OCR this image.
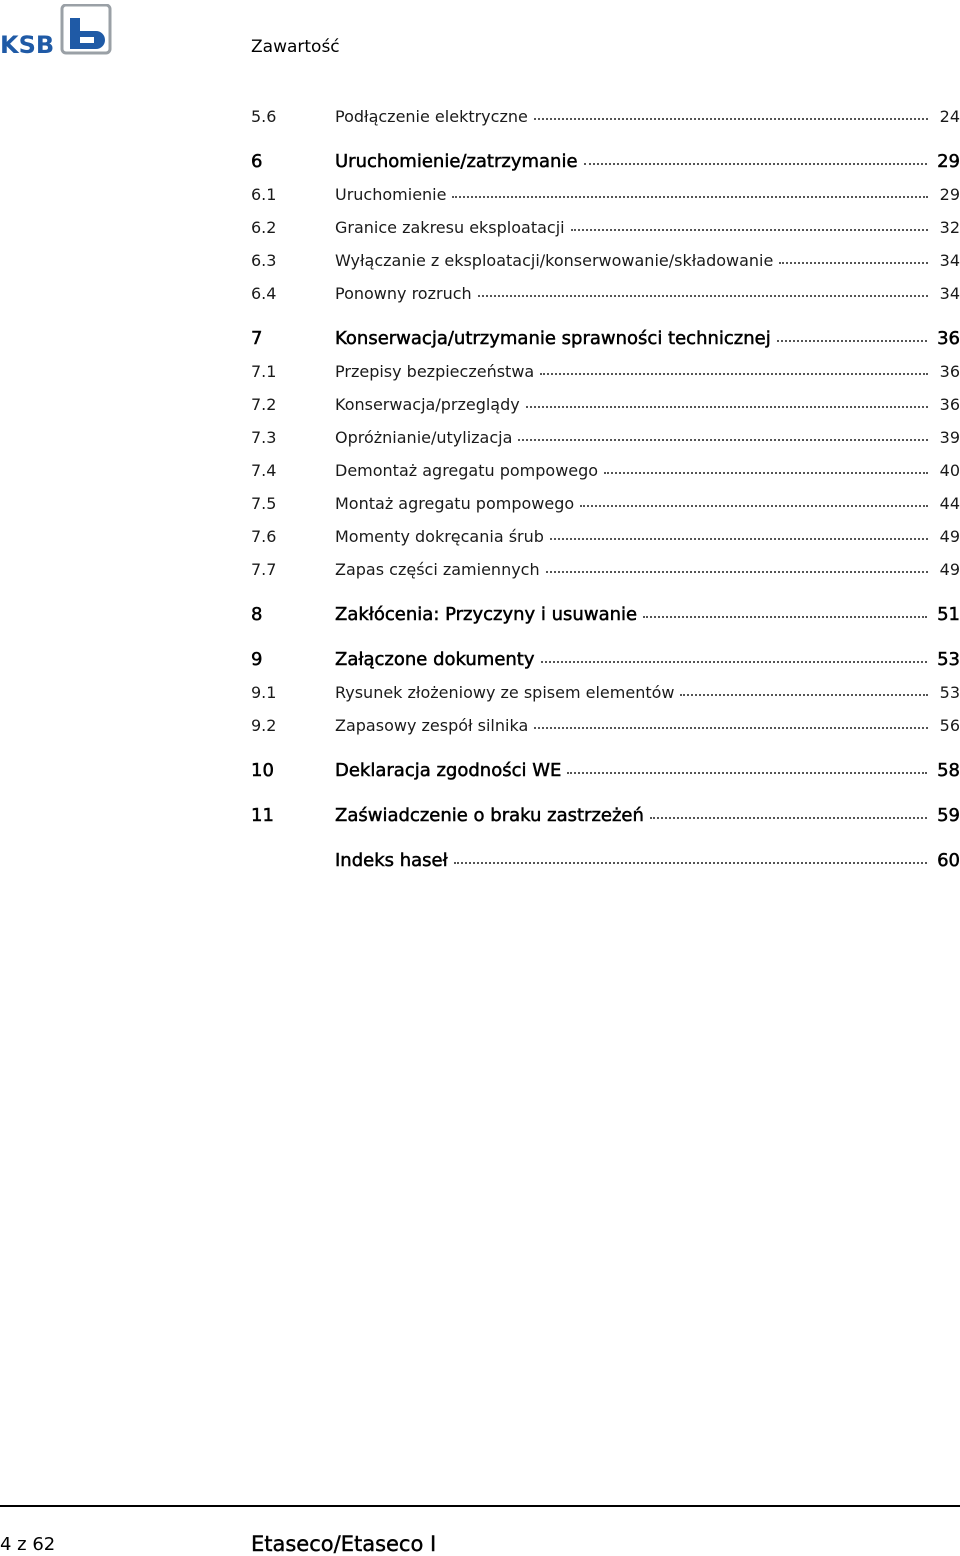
KSB	Zawartość
5.6	Podłączenie elektryczne	24
6	Uruchomienie/zatrzymanie	29
6.1	Uruchomienie	29
6.2	Granice zakresu eksploatacji	32
6.3	Wyłączanie z eksploatacji/konserwowanie/składowanie	34
6.4	Ponowny rozruch	34
7	Konserwacja/utrzymanie sprawności technicznej	36
7.1	Przepisy bezpieczeństwa	36
7.2	Konserwacja/przeglądy	36
7.3	Opróżnianie/utylizacja	39
7.4	Demontaż agregatu pompowego	40
7.5	Montaż agregatu pompowego	44
7.6	Momenty dokręcania śrub	49
7.7	Zapas części zamiennych	49
8	Zakłócenia: Przyczyny i usuwanie	51
9	Załączone dokumenty	53
9.1	Rysunek złożeniowy ze spisem elementów	53
9.2	Zapasowy zespół silnika	56
10	Deklaracja zgodności WE	58
11	Zaświadczenie o braku zastrzeżeń	59
Indeks haseł	60
4 z 62	Etaseco/Etaseco I
